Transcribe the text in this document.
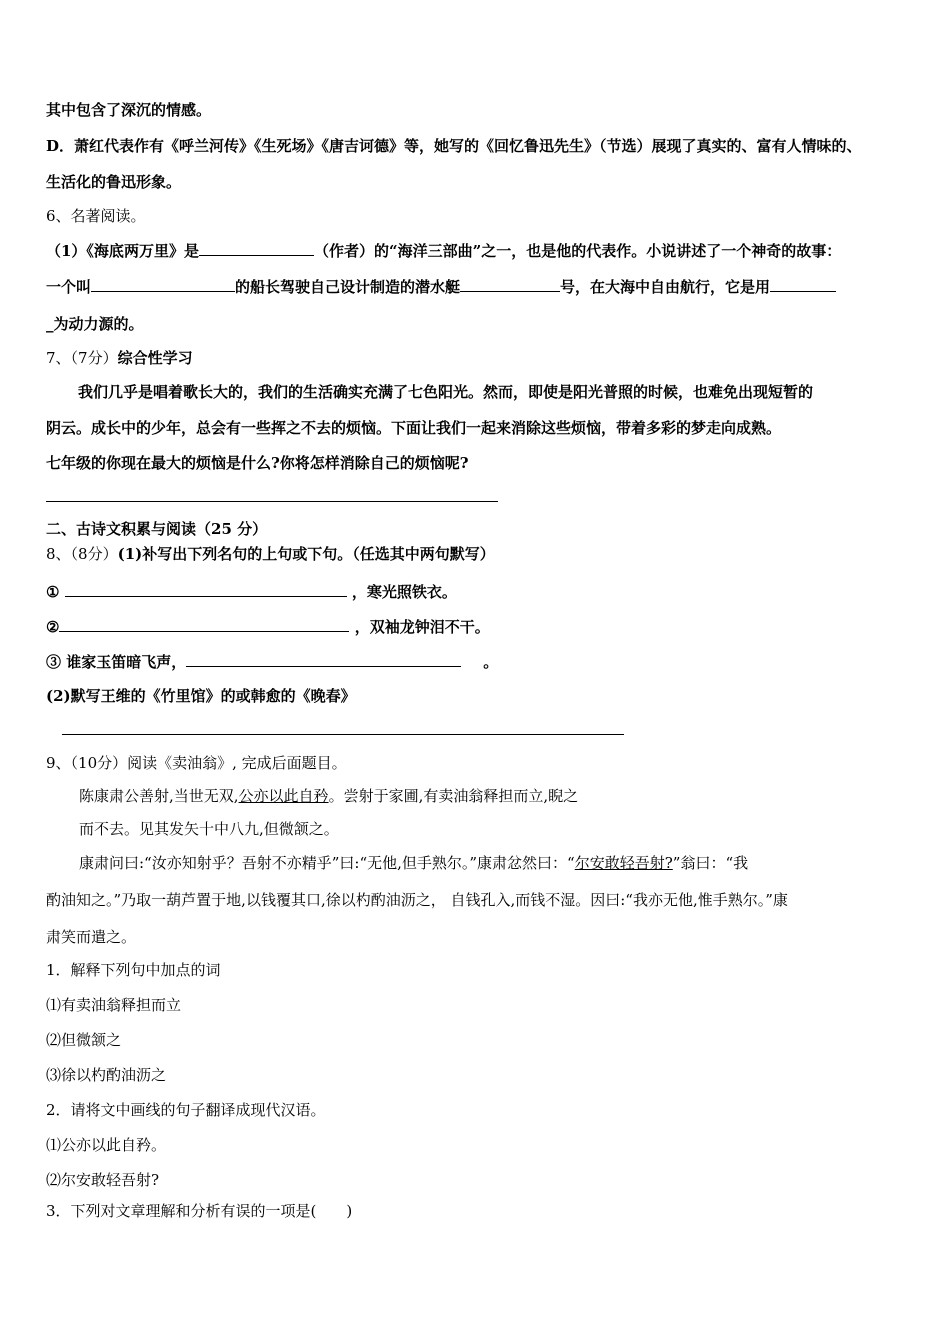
其中包含了深沉的情感。
D．萧红代表作有《呼兰河传》《生死场》《唐吉诃德》等，她写的《回忆鲁迅先生》（节选）展现了真实的、富有人情味的、
生活化的鲁迅形象。
6、名著阅读。
（1）《海底两万里》是	（作者）的“海洋三部曲”之一，也是他的代表作。小说讲述了一个神奇的故事：
一个叫	的船长驾驶自己设计制造的潜水艇	号，在大海中自由航行，它是用
_为动力源的。
7、（7分）综合性学习
我们几乎是唱着歌长大的，我们的生活确实充满了七色阳光。然而，即使是阳光普照的时候，也难免出现短暂的
阴云。成长中的少年，总会有一些挥之不去的烦恼。下面让我们一起来消除这些烦恼，带着多彩的梦走向成熟。
七年级的你现在最大的烦恼是什么?你将怎样消除自己的烦恼呢?
二、古诗文积累与阅读（25 分）
8、（8分）(1)补写出下列名句的上句或下句。（任选其中两句默写）
①	，寒光照铁衣。
②	，双袖龙钟泪不干。
③ 谁家玉笛暗飞声，	。
(2)默写王维的《竹里馆》的或韩愈的《晚春》
9、（10分）阅读《卖油翁》, 完成后面题目。
陈康肃公善射,当世无双,公亦以此自矜。尝射于家圃,有卖油翁释担而立,睨之
而不去。见其发矢十中八九,但微颔之。
康肃问曰:“汝亦知射乎？吾射不亦精乎”曰:“无他,但手熟尔。”康肃忿然曰：“尔安敢轻吾射?”翁曰：“我
酌油知之。”乃取一葫芦置于地,以钱覆其口,徐以杓酌油沥之， 自钱孔入,而钱不湿。因曰:“我亦无他,惟手熟尔。”康
肃笑而遣之。
1．解释下列句中加点的词
⑴有卖油翁释担而立
⑵但微颔之
⑶徐以杓酌油沥之
2．请将文中画线的句子翻译成现代汉语。
⑴公亦以此自矜。
⑵尔安敢轻吾射?
3．下列对文章理解和分析有误的一项是(　　)
